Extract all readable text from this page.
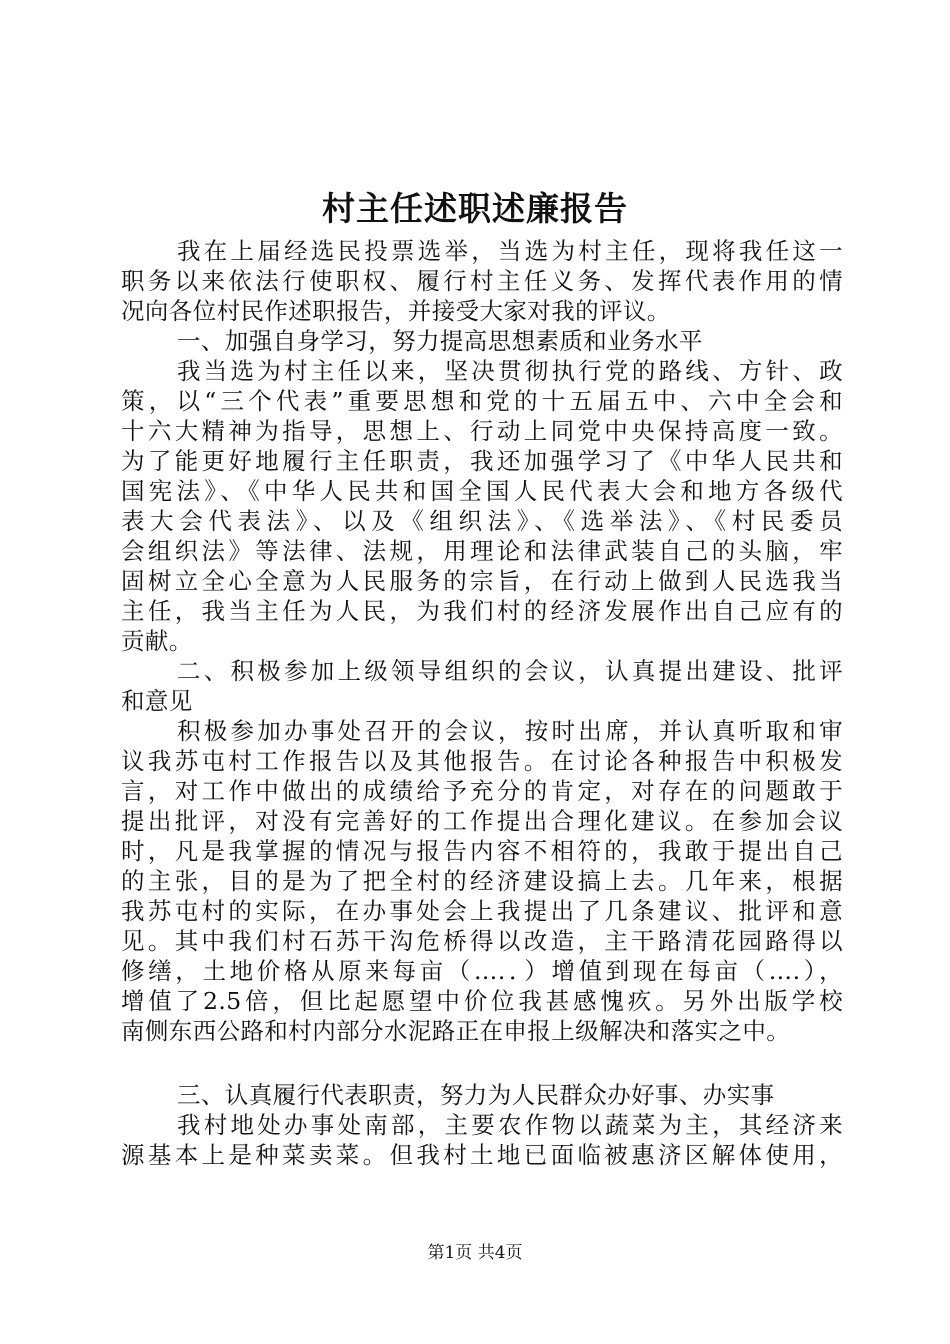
村主任述职述廉报告
我在上届经选民投票选举，当选为村主任，现将我任这一
职务以来依法行使职权、履行村主任义务、发挥代表作用的情
况向各位村民作述职报告，并接受大家对我的评议。
一、加强自身学习，努力提高思想素质和业务水平
我当选为村主任以来，坚决贯彻执行党的路线、方针、政
策，以“三个代表”重要思想和党的十五届五中、六中全会和
十六大精神为指导，思想上、行动上同党中央保持高度一致。
为了能更好地履行主任职责，我还加强学习了《中华人民共和
国宪法》、《中华人民共和国全国人民代表大会和地方各级代
表大会代表法》、以及《组织法》、《选举法》、《村民委员
会组织法》等法律、法规，用理论和法律武装自己的头脑，牢
固树立全心全意为人民服务的宗旨，在行动上做到人民选我当
主任，我当主任为人民，为我们村的经济发展作出自己应有的
贡献。
二、积极参加上级领导组织的会议，认真提出建设、批评
和意见
积极参加办事处召开的会议，按时出席，并认真听取和审
议我苏屯村工作报告以及其他报告。在讨论各种报告中积极发
言，对工作中做出的成绩给予充分的肯定，对存在的问题敢于
提出批评，对没有完善好的工作提出合理化建议。在参加会议
时，凡是我掌握的情况与报告内容不相符的，我敢于提出自己
的主张，目的是为了把全村的经济建设搞上去。几年来，根据
我苏屯村的实际，在办事处会上我提出了几条建议、批评和意
见。其中我们村石苏干沟危桥得以改造，主干路清花园路得以
修缮，土地价格从原来每亩（….．）增值到现在每亩（….），
增值了2.5倍，但比起愿望中价位我甚感愧疚。另外出版学校
南侧东西公路和村内部分水泥路正在申报上级解决和落实之中。
三、认真履行代表职责，努力为人民群众办好事、办实事
我村地处办事处南部，主要农作物以蔬菜为主，其经济来
源基本上是种菜卖菜。但我村土地已面临被惠济区解体使用，
第1页 共4页
